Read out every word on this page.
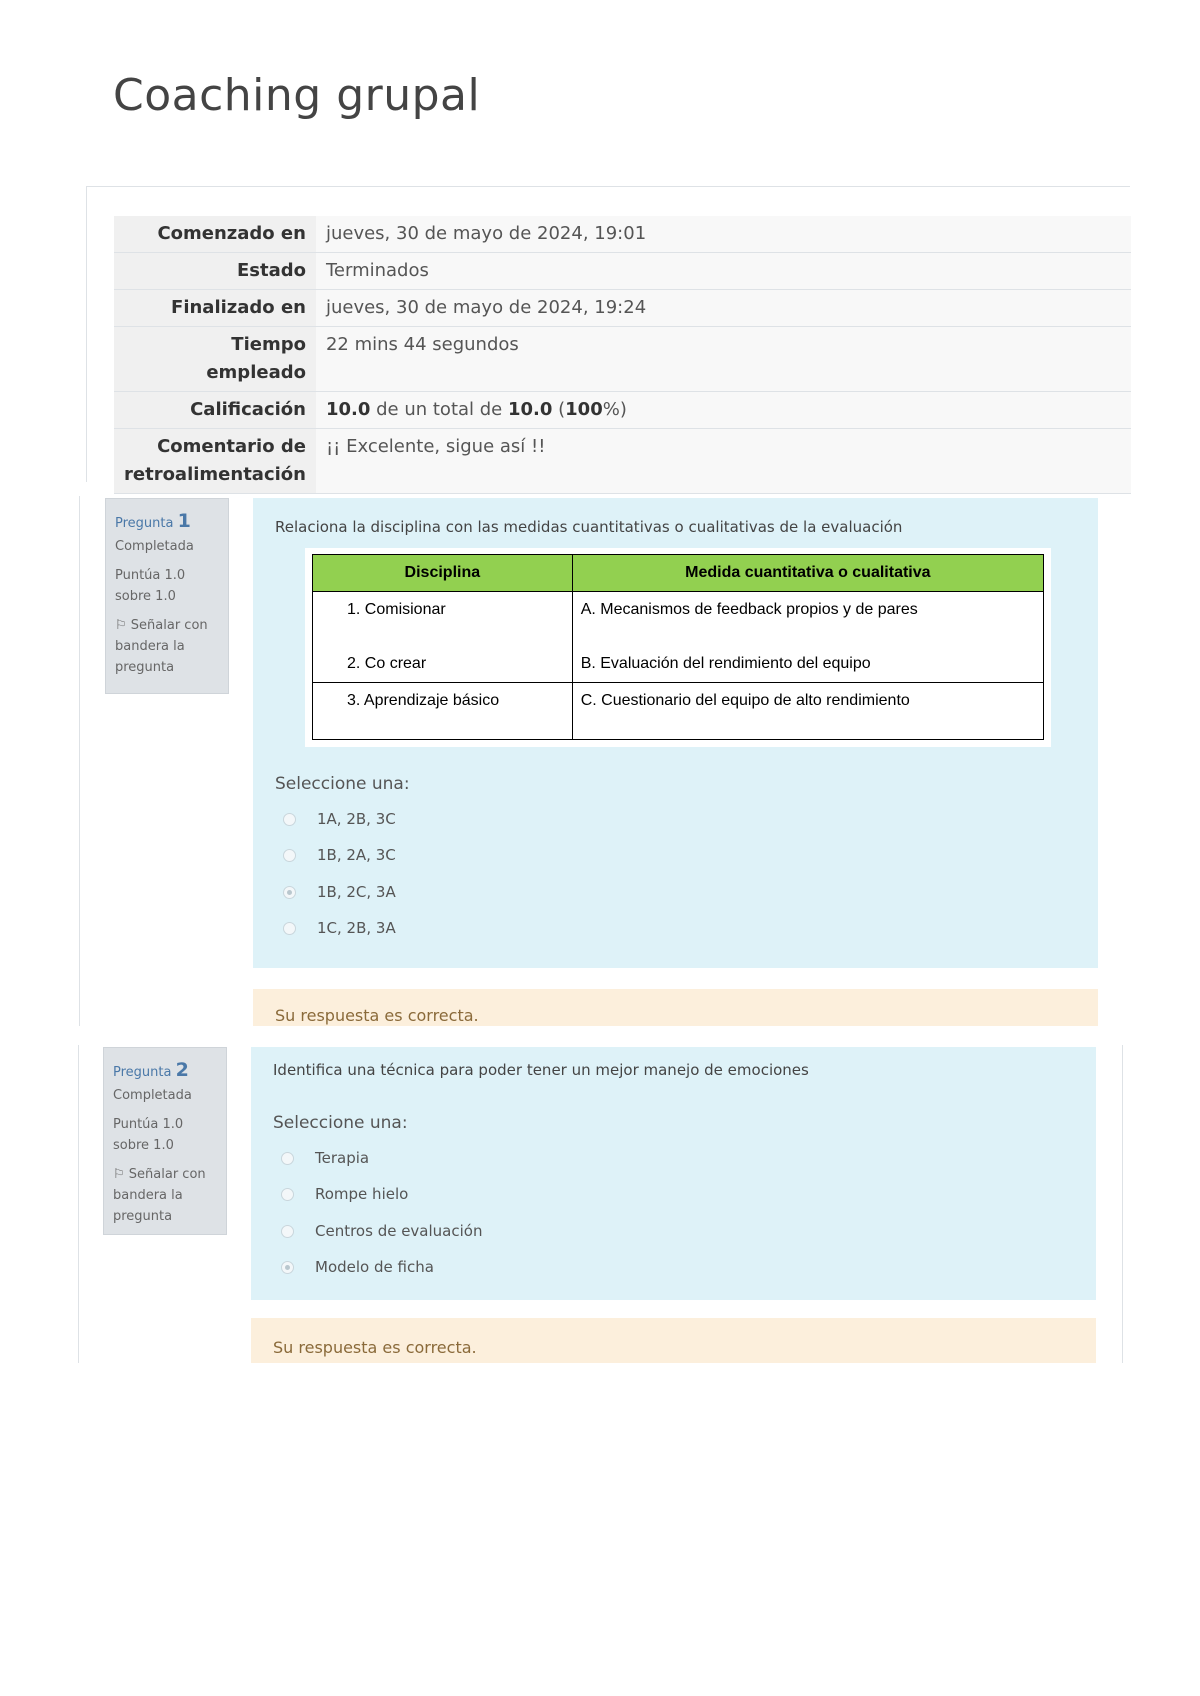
Coaching grupal
Comenzado en	jueves, 30 de mayo de 2024, 19:01
Estado	Terminados
Finalizado en	jueves, 30 de mayo de 2024, 19:24
Tiempo empleado	22 mins 44 segundos
Calificación	10.0 de un total de 10.0 (100%)
Comentario de retroalimentación	¡¡ Excelente, sigue así !!
Pregunta 1

Completada

Puntúa 1.0
sobre 1.0

⚐ Señalar con bandera la pregunta

Relaciona la disciplina con las medidas cuantitativas o cualitativas de la evaluación
Disciplina	Medida cuantitativa o cualitativa
1. Comisionar	A. Mecanismos de feedback propios y de pares
2. Co crear	B. Evaluación del rendimiento del equipo
3. Aprendizaje básico	C. Cuestionario del equipo de alto rendimiento
Seleccione una:
1A, 2B, 3C
1B, 2A, 3C
1B, 2C, 3A
1C, 2B, 3A
Su respuesta es correcta.
Pregunta 2

Completada

Puntúa 1.0
sobre 1.0

⚐ Señalar con bandera la pregunta

Identifica una técnica para poder tener un mejor manejo de emociones
Seleccione una:
Terapia
Rompe hielo
Centros de evaluación
Modelo de ficha
Su respuesta es correcta.
